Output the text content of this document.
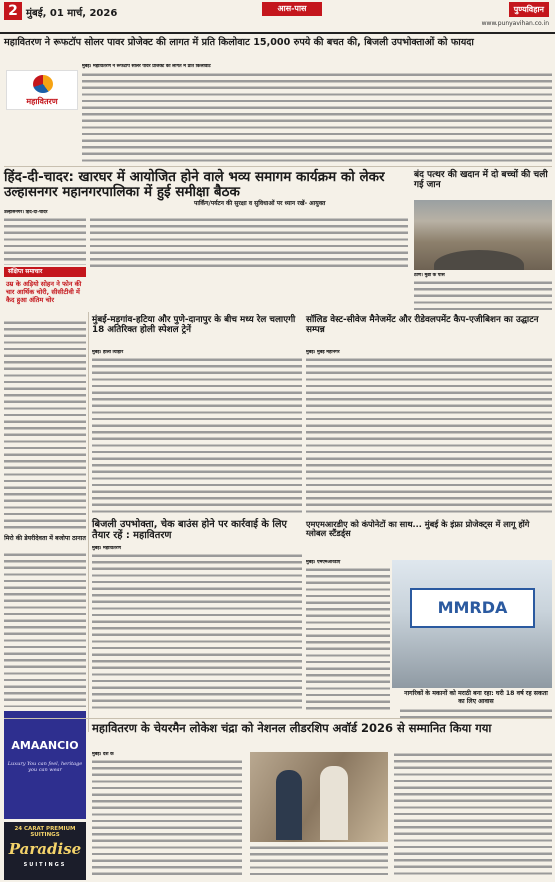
2 मुंबई, 01 मार्च, 2026	आस-पास	पुण्यविहान
www.punyavihan.co.in
महावितरण ने रूफटॉप सोलर पावर प्रोजेक्ट की लागत में प्रति किलोवाट 15,000 रुपये की बचत की, बिजली उपभोक्ताओं को फायदा
महावितरण
मुंबई। महावितरण ने रूफटॉप सोलर पावर प्रोजेक्ट की लागत में प्रति किलोवाट
हिंद-दी-चादर: खारघर में आयोजित होने वाले भव्य समागम कार्यक्रम को लेकर उल्हासनगर महानगरपालिका में हुई समीक्षा बैठक
पार्किंग/पर्यटन की सुरक्षा व सुविधाओं पर ध्यान रखें- आयुक्त
उल्हासनगर। हिंद-दी-चादर
बंद पत्थर की खदान में दो बच्चों की चली गई जान
ठाणे। मुंब्रा के पास
संक्षिप्त समाचार
उम्र के अड़ियो सोहन ने फोन की चार आर्थिक चोरी, सीसीटीवी में कैद हुआ अंतिम चोर
मिरो की डेयरीदेवता में बजोपा ठानात
AMAANCIO
Luxury You can feel, heritage you can wear
24 CARAT PREMIUM SUITINGS
Paradise
SUITINGS
मुंबई-मड़गांव-हटिया और पुणे-दानापुर के बीच मध्य रेल चलाएगी 18 अतिरिक्त होली स्पेशल ट्रेनें
मुंबई। होली त्योहार
सॉलिड वेस्ट-सीवेज मैनेजमेंट और रीडेवलपमेंट कैप-एजीबिशन का उद्घाटन सम्पन्न
मुंबई। मुंबई महानगर
बिजली उपभोक्ता, चेक बाउंस होने पर कार्रवाई के लिए तैयार रहें : महावितरण
मुंबई। महावितरण
एमएमआरडीए को कंपोनेटों का साथ... मुंबई के इंफ्रा प्रोजेक्ट्स में लागू होंगे ग्लोबल स्टैंडर्ड्स
मुंबई। एमएमआरडीए
MMRDA
नागरिकों के मकानों को मराठी बना रहा: घरी 18 वर्ष रह सकता का लिए आवास
महावितरण के चेयरमैन लोकेश चंद्रा को नेशनल लीडरशिप अवॉर्ड 2026 से सम्मानित किया गया
मुंबई। देश के
